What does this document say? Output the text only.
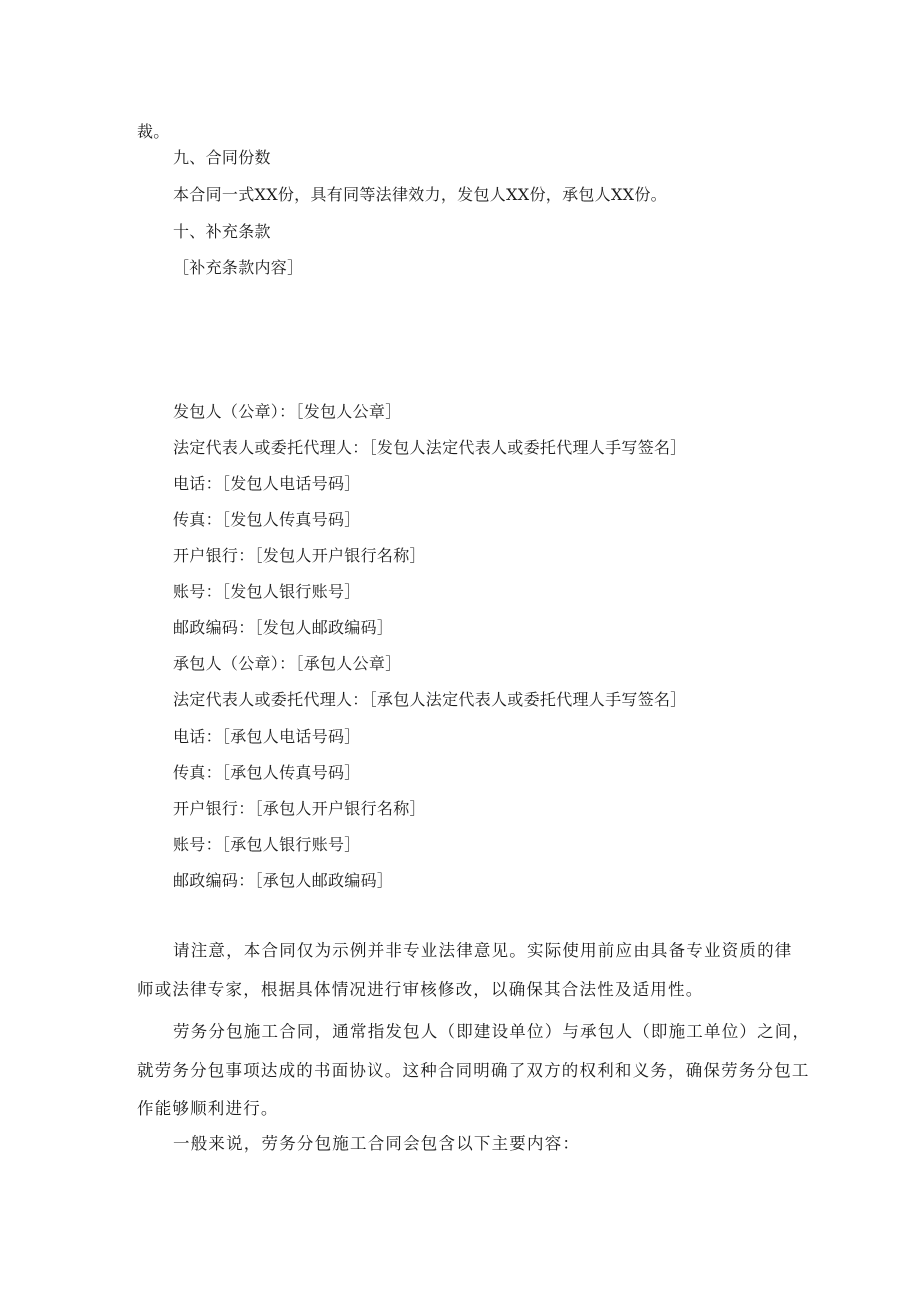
裁。
九、合同份数
本合同一式XX份，具有同等法律效力，发包人XX份，承包人XX份。
十、补充条款
［补充条款内容］
发包人（公章）：［发包人公章］
法定代表人或委托代理人：［发包人法定代表人或委托代理人手写签名］
电话：［发包人电话号码］
传真：［发包人传真号码］
开户银行：［发包人开户银行名称］
账号：［发包人银行账号］
邮政编码：［发包人邮政编码］
承包人（公章）：［承包人公章］
法定代表人或委托代理人：［承包人法定代表人或委托代理人手写签名］
电话：［承包人电话号码］
传真：［承包人传真号码］
开户银行：［承包人开户银行名称］
账号：［承包人银行账号］
邮政编码：［承包人邮政编码］
请注意，本合同仅为示例并非专业法律意见。实际使用前应由具备专业资质的律
师或法律专家，根据具体情况进行审核修改，以确保其合法性及适用性。
劳务分包施工合同，通常指发包人（即建设单位）与承包人（即施工单位）之间，
就劳务分包事项达成的书面协议。这种合同明确了双方的权利和义务，确保劳务分包工
作能够顺利进行。
一般来说，劳务分包施工合同会包含以下主要内容：
